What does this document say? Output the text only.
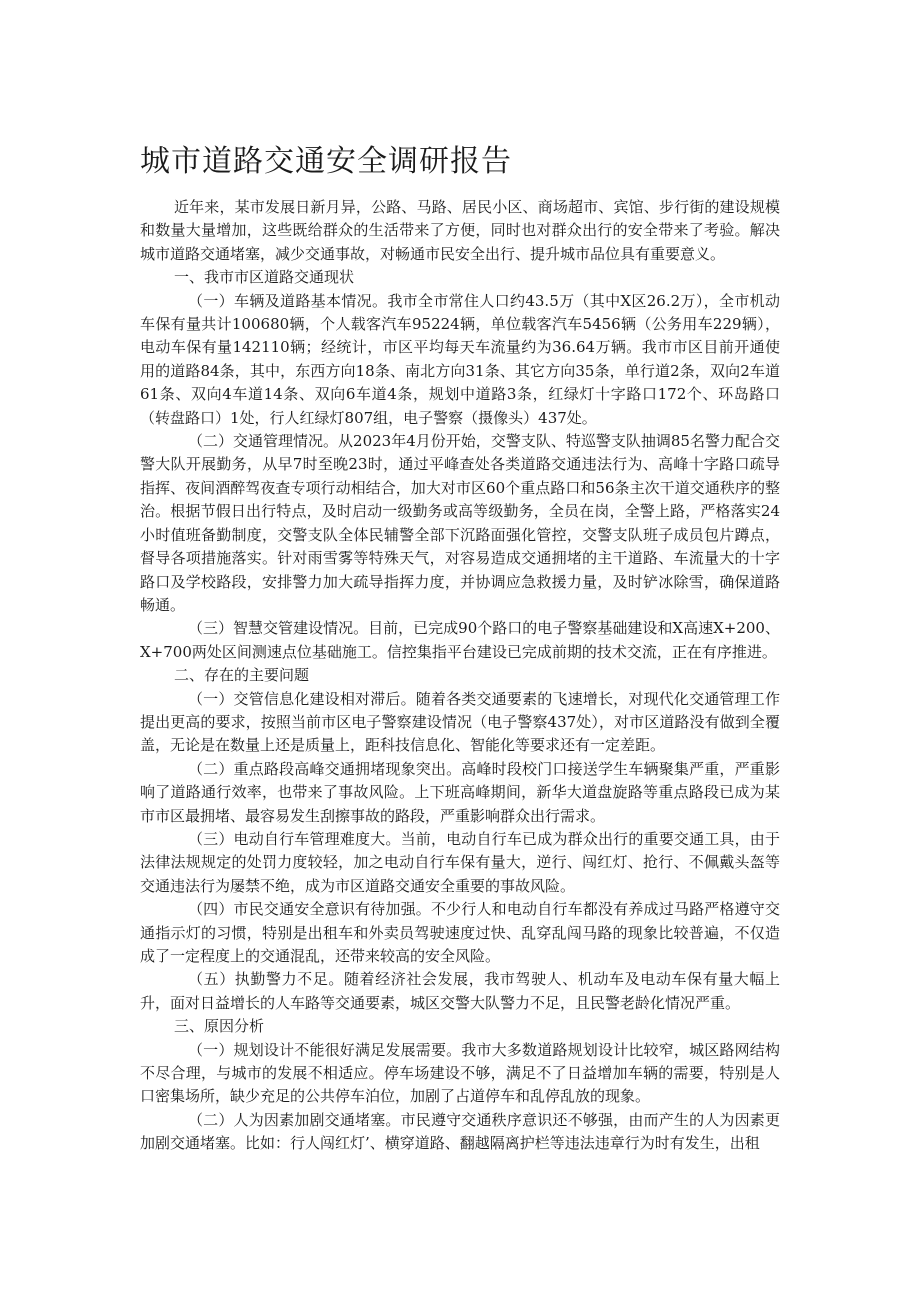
城市道路交通安全调研报告

近年来，某市发展日新月异，公路、马路、居民小区、商场超市、宾馆、步行街的建设规模和数量大量增加，这些既给群众的生活带来了方便，同时也对群众出行的安全带来了考验。解决城市道路交通堵塞，减少交通事故，对畅通市民安全出行、提升城市品位具有重要意义。

一、我市市区道路交通现状

（一）车辆及道路基本情况。我市全市常住人口约43.5万（其中X区26.2万），全市机动车保有量共计100680辆，个人载客汽车95224辆，单位载客汽车5456辆（公务用车229辆），电动车保有量142110辆；经统计，市区平均每天车流量约为36.64万辆。我市市区目前开通使用的道路84条，其中，东西方向18条、南北方向31条、其它方向35条，单行道2条，双向2车道61条、双向4车道14条、双向6车道4条，规划中道路3条，红绿灯十字路口172个、环岛路口（转盘路口）1处，行人红绿灯807组，电子警察（摄像头）437处。

（二）交通管理情况。从2023年4月份开始，交警支队、特巡警支队抽调85名警力配合交警大队开展勤务，从早7时至晚23时，通过平峰查处各类道路交通违法行为、高峰十字路口疏导指挥、夜间酒醉驾夜查专项行动相结合，加大对市区60个重点路口和56条主次干道交通秩序的整治。根据节假日出行特点，及时启动一级勤务或高等级勤务，全员在岗，全警上路，严格落实24小时值班备勤制度，交警支队全体民辅警全部下沉路面强化管控，交警支队班子成员包片蹲点，督导各项措施落实。针对雨雪雾等特殊天气，对容易造成交通拥堵的主干道路、车流量大的十字路口及学校路段，安排警力加大疏导指挥力度，并协调应急救援力量，及时铲冰除雪，确保道路畅通。

（三）智慧交管建设情况。目前，已完成90个路口的电子警察基础建设和X高速X+200、X+700两处区间测速点位基础施工。信控集指平台建设已完成前期的技术交流，正在有序推进。

二、存在的主要问题

（一）交管信息化建设相对滞后。随着各类交通要素的飞速增长，对现代化交通管理工作提出更高的要求，按照当前市区电子警察建设情况（电子警察437处），对市区道路没有做到全覆盖，无论是在数量上还是质量上，距科技信息化、智能化等要求还有一定差距。

（二）重点路段高峰交通拥堵现象突出。高峰时段校门口接送学生车辆聚集严重，严重影响了道路通行效率，也带来了事故风险。上下班高峰期间，新华大道盘旋路等重点路段已成为某市市区最拥堵、最容易发生刮擦事故的路段，严重影响群众出行需求。

（三）电动自行车管理难度大。当前，电动自行车已成为群众出行的重要交通工具，由于法律法规规定的处罚力度较轻，加之电动自行车保有量大，逆行、闯红灯、抢行、不佩戴头盔等交通违法行为屡禁不绝，成为市区道路交通安全重要的事故风险。

（四）市民交通安全意识有待加强。不少行人和电动自行车都没有养成过马路严格遵守交通指示灯的习惯，特别是出租车和外卖员驾驶速度过快、乱穿乱闯马路的现象比较普遍，不仅造成了一定程度上的交通混乱，还带来较高的安全风险。

（五）执勤警力不足。随着经济社会发展，我市驾驶人、机动车及电动车保有量大幅上升，面对日益增长的人车路等交通要素，城区交警大队警力不足，且民警老龄化情况严重。

三、原因分析

（一）规划设计不能很好满足发展需要。我市大多数道路规划设计比较窄，城区路网结构不尽合理，与城市的发展不相适应。停车场建设不够，满足不了日益增加车辆的需要，特别是人口密集场所，缺少充足的公共停车泊位，加剧了占道停车和乱停乱放的现象。

（二）人为因素加剧交通堵塞。市民遵守交通秩序意识还不够强，由而产生的人为因素更加剧交通堵塞。比如：行人闯红灯’、横穿道路、翻越隔离护栏等违法违章行为时有发生，出租
